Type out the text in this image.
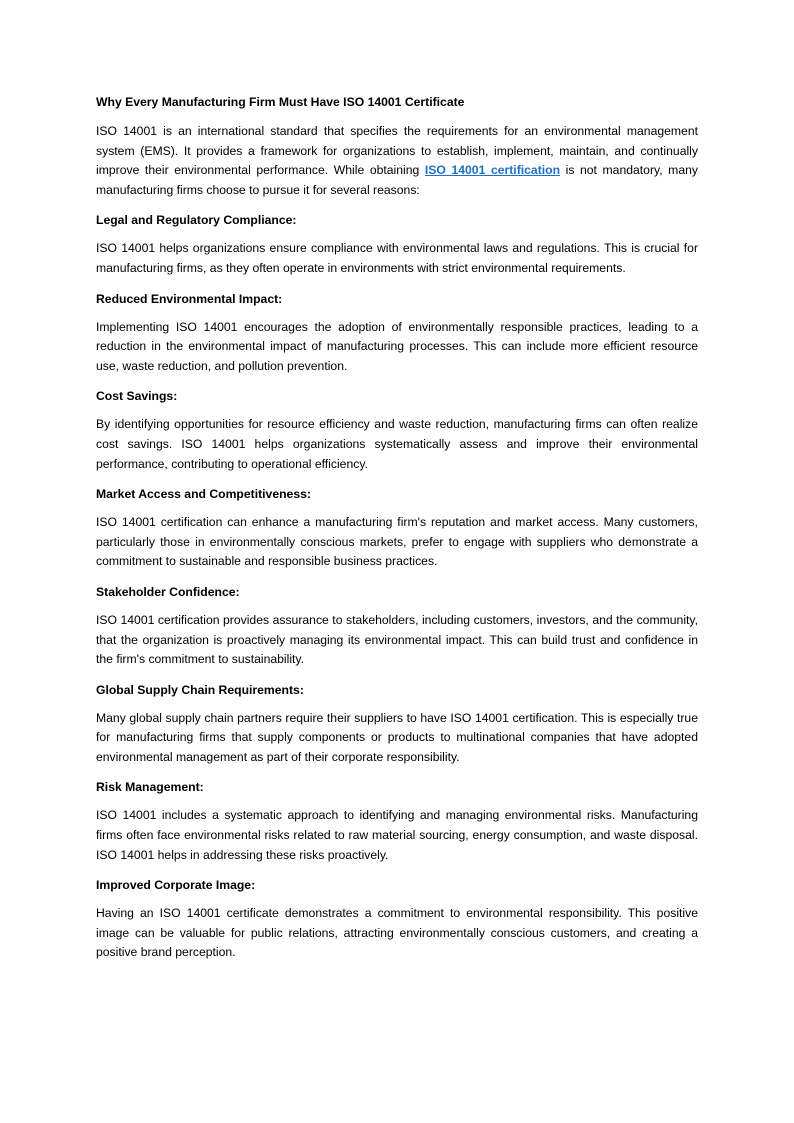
Why Every Manufacturing Firm Must Have ISO 14001 Certificate

ISO 14001 is an international standard that specifies the requirements for an environmental management system (EMS). It provides a framework for organizations to establish, implement, maintain, and continually improve their environmental performance. While obtaining ISO 14001 certification is not mandatory, many manufacturing firms choose to pursue it for several reasons:

Legal and Regulatory Compliance:

ISO 14001 helps organizations ensure compliance with environmental laws and regulations. This is crucial for manufacturing firms, as they often operate in environments with strict environmental requirements.

Reduced Environmental Impact:

Implementing ISO 14001 encourages the adoption of environmentally responsible practices, leading to a reduction in the environmental impact of manufacturing processes. This can include more efficient resource use, waste reduction, and pollution prevention.

Cost Savings:

By identifying opportunities for resource efficiency and waste reduction, manufacturing firms can often realize cost savings. ISO 14001 helps organizations systematically assess and improve their environmental performance, contributing to operational efficiency.

Market Access and Competitiveness:

ISO 14001 certification can enhance a manufacturing firm's reputation and market access. Many customers, particularly those in environmentally conscious markets, prefer to engage with suppliers who demonstrate a commitment to sustainable and responsible business practices.

Stakeholder Confidence:

ISO 14001 certification provides assurance to stakeholders, including customers, investors, and the community, that the organization is proactively managing its environmental impact. This can build trust and confidence in the firm's commitment to sustainability.

Global Supply Chain Requirements:

Many global supply chain partners require their suppliers to have ISO 14001 certification. This is especially true for manufacturing firms that supply components or products to multinational companies that have adopted environmental management as part of their corporate responsibility.

Risk Management:

ISO 14001 includes a systematic approach to identifying and managing environmental risks. Manufacturing firms often face environmental risks related to raw material sourcing, energy consumption, and waste disposal. ISO 14001 helps in addressing these risks proactively.

Improved Corporate Image:

Having an ISO 14001 certificate demonstrates a commitment to environmental responsibility. This positive image can be valuable for public relations, attracting environmentally conscious customers, and creating a positive brand perception.
